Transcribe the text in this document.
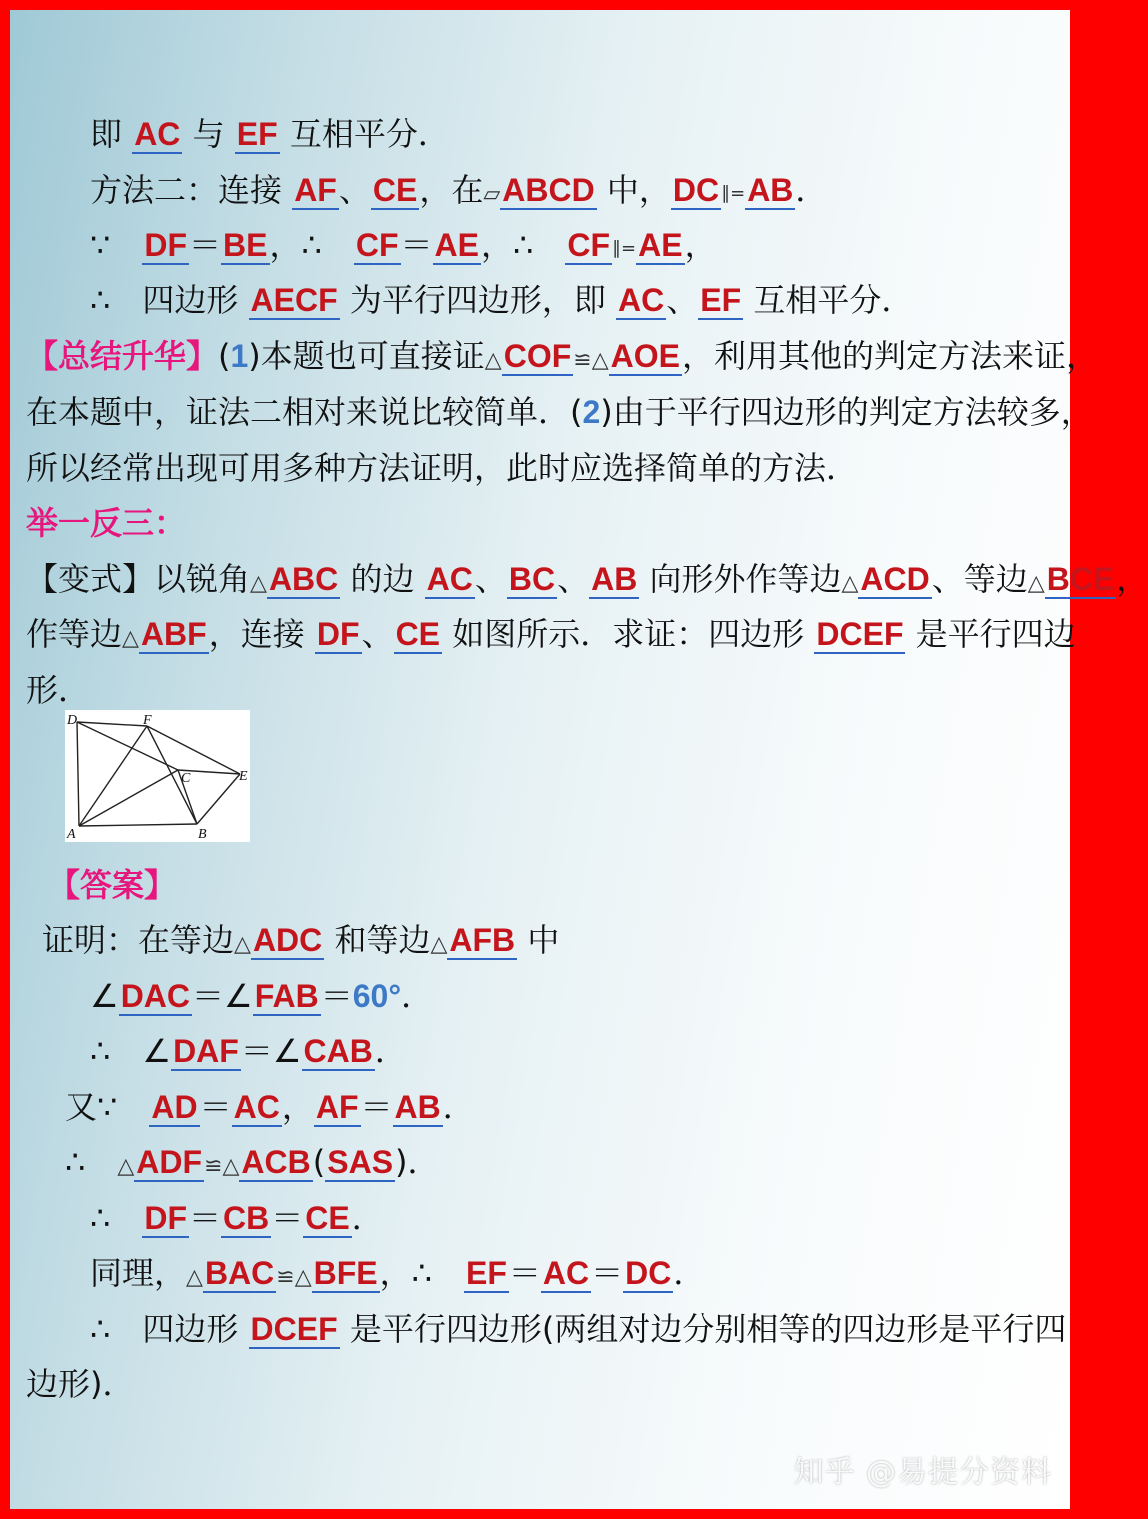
即 AC 与 EF 互相平分．
方法二：连接 AF、CE，在▱ABCD 中，DC ∥=AB．
∵　DF＝BE，∴　CF＝AE，∴　CF ∥=AE，
∴　四边形 AECF 为平行四边形，即 AC、EF 互相平分．
【总结升华】(1)本题也可直接证△COF≌△AOE，利用其他的判定方法来证，
在本题中，证法二相对来说比较简单．(2)由于平行四边形的判定方法较多，
所以经常出现可用多种方法证明，此时应选择简单的方法．
举一反三：
【变式】以锐角△ABC 的边 AC、BC、AB 向形外作等边△ACD、等边△BCE，
作等边△ABF，连接 DF、CE 如图所示．求证：四边形 DCEF 是平行四边
形．
D	F
C	E
A	B
【答案】
证明：在等边△ADC 和等边△AFB 中
∠DAC＝∠FAB＝60°．
∴　∠DAF＝∠CAB．
又∵　AD＝AC，AF＝AB．
∴　△ADF≌△ACB(SAS)．
∴　DF＝CB＝CE．
同理，△BAC≌△BFE，∴　EF＝AC＝DC．
∴　四边形 DCEF 是平行四边形(两组对边分别相等的四边形是平行四
边形)．
知乎 @易提分资料
